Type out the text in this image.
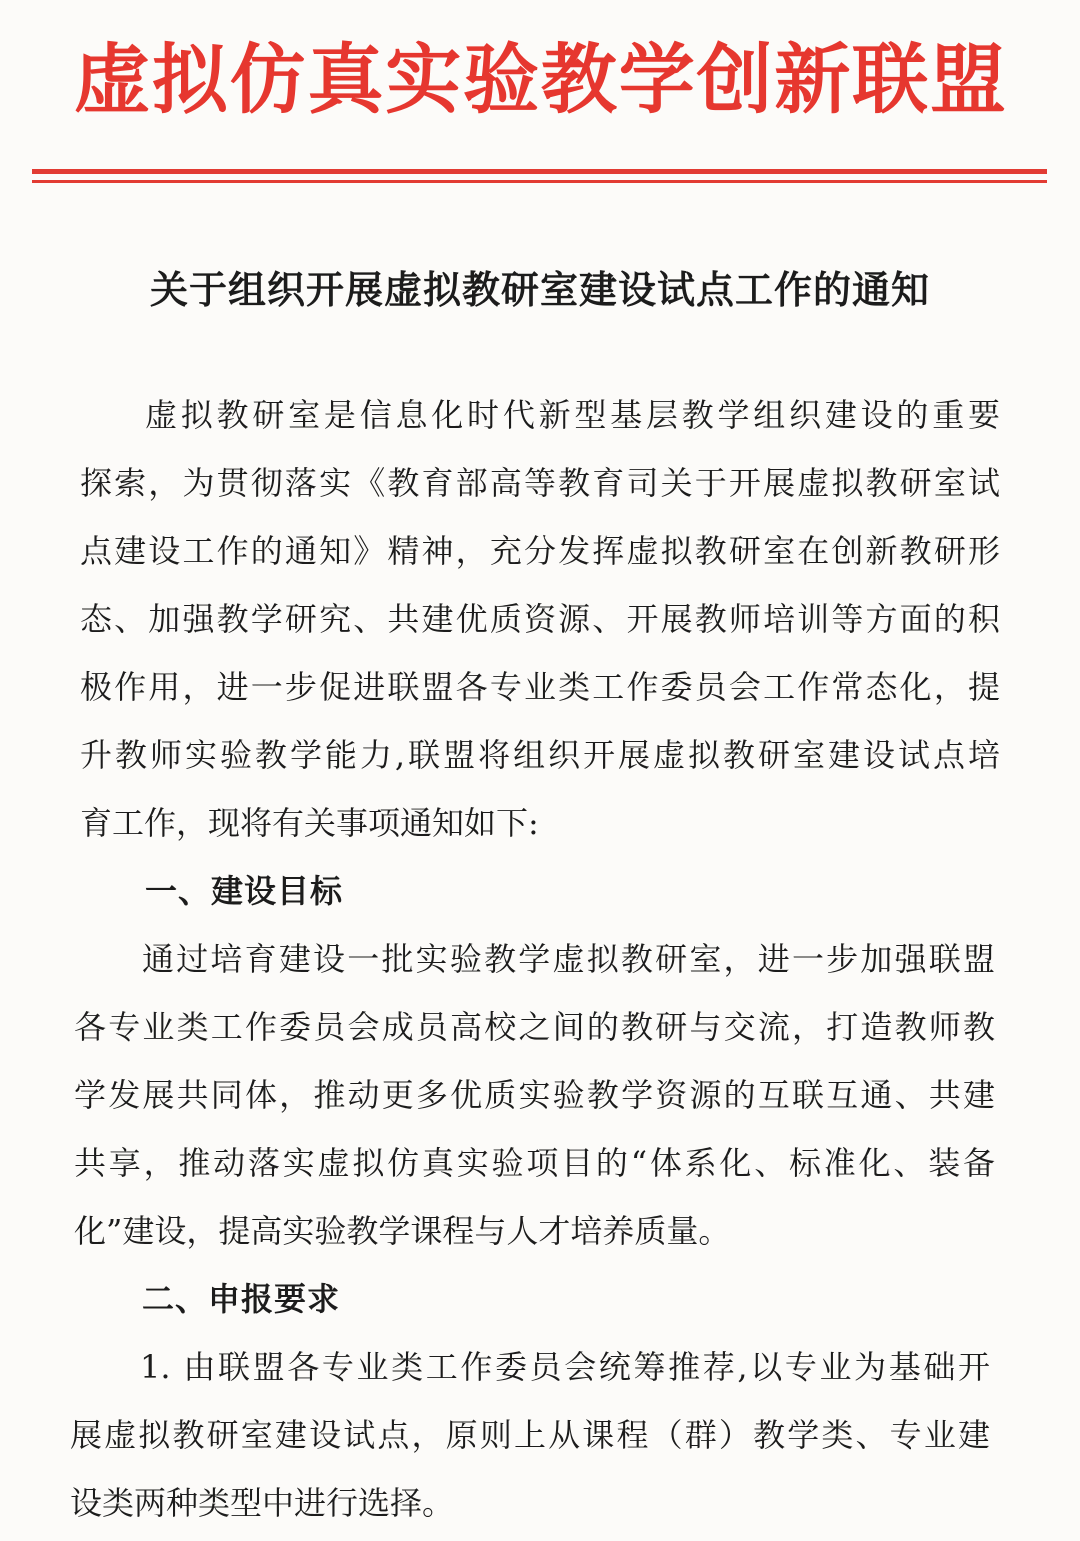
虚拟仿真实验教学创新联盟
关于组织开展虚拟教研室建设试点工作的通知
虚拟教研室是信息化时代新型基层教学组织建设的重要
探索，为贯彻落实《教育部高等教育司关于开展虚拟教研室试
点建设工作的通知》精神，充分发挥虚拟教研室在创新教研形
态、加强教学研究、共建优质资源、开展教师培训等方面的积
极作用，进一步促进联盟各专业类工作委员会工作常态化，提
升教师实验教学能力,联盟将组织开展虚拟教研室建设试点培
育工作，现将有关事项通知如下:
一、建设目标
通过培育建设一批实验教学虚拟教研室，进一步加强联盟
各专业类工作委员会成员高校之间的教研与交流，打造教师教
学发展共同体，推动更多优质实验教学资源的互联互通、共建
共享，推动落实虚拟仿真实验项目的“体系化、标准化、装备
化”建设，提高实验教学课程与人才培养质量。
二、申报要求
1. 由联盟各专业类工作委员会统筹推荐,以专业为基础开
展虚拟教研室建设试点，原则上从课程（群）教学类、专业建
设类两种类型中进行选择。
